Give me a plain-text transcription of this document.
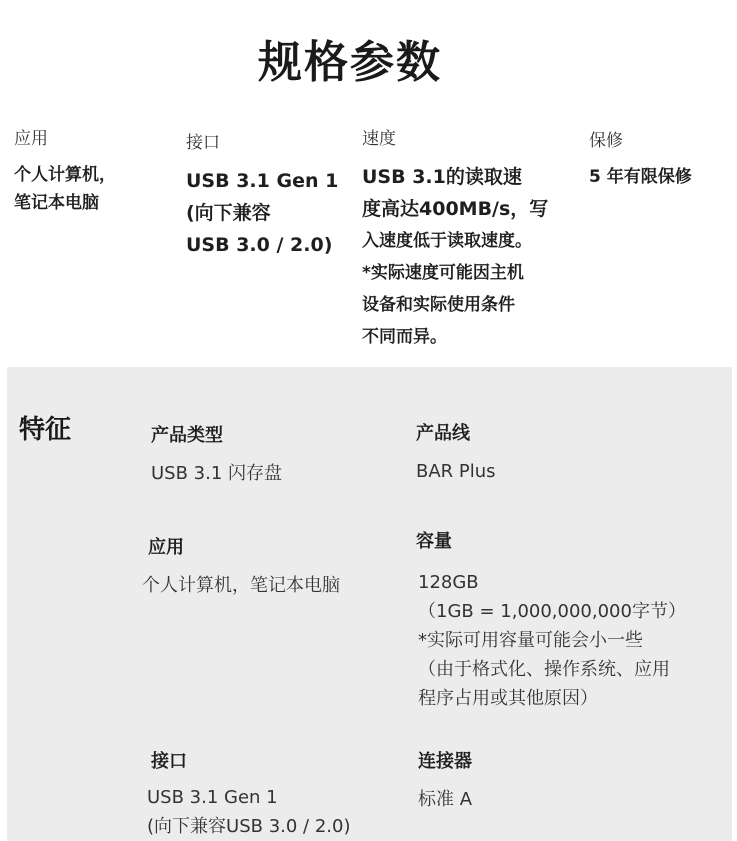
规格参数
应用
个人计算机，
笔记本电脑
接口
USB 3.1 Gen 1
(向下兼容
USB 3.0 / 2.0)
速度
USB 3.1的读取速
度高达400MB/s，写
入速度低于读取速度。
*实际速度可能因主机
设备和实际使用条件
不同而异。
保修
5 年有限保修
特征	产品类型
USB 3.1 闪存盘
产品线
BAR Plus
应用
个人计算机，笔记本电脑
容量
128GB
（1GB = 1,000,000,000字节）
*实际可用容量可能会小一些
（由于格式化、操作系统、应用
程序占用或其他原因）
接口
USB 3.1 Gen 1
(向下兼容USB 3.0 / 2.0)
连接器
标准 A
